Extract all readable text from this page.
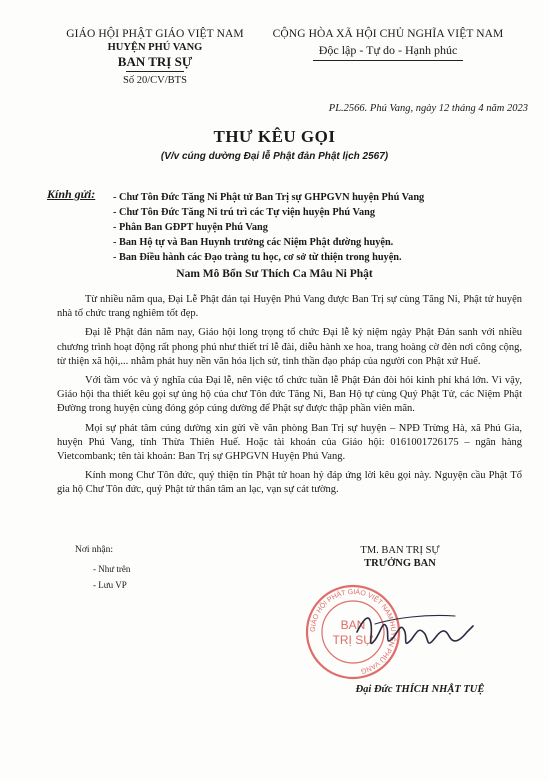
GIÁO HỘI PHẬT GIÁO VIỆT NAM
HUYỆN PHÚ VANG
BAN TRỊ SỰ
Số 20/CV/BTS
CỘNG HÒA XÃ HỘI CHỦ NGHĨA VIỆT NAM
Độc lập - Tự do - Hạnh phúc
PL.2566. Phú Vang, ngày 12 tháng 4 năm 2023
THƯ KÊU GỌI
(V/v cúng dường Đại lễ Phật đản Phật lịch 2567)
Kính gửi: - Chư Tôn Đức Tăng Ni Phật tử Ban Trị sự GHPGVN huyện Phú Vang
- Chư Tôn Đức Tăng Ni trú trì các Tự viện huyện Phú Vang
- Phân Ban GĐPT huyện Phú Vang
- Ban Hộ tự và Ban Huynh trưởng các Niệm Phật đường huyện.
- Ban Điều hành các Đạo tràng tu học, cơ sở từ thiện trong huyện.
Nam Mô Bổn Sư Thích Ca Mâu Ni Phật

Từ nhiều năm qua, Đại Lễ Phật đản tại Huyện Phú Vang được Ban Trị sự cùng Tăng Ni, Phật tử huyện nhà tổ chức trang nghiêm tốt đẹp.

Đại lễ Phật đản năm nay, Giáo hội long trọng tổ chức Đại lễ kỷ niệm ngày Phật Đản sanh với nhiều chương trình hoạt động rất phong phú như thiết trí lễ đài, diễu hành xe hoa, trang hoàng cờ đèn nơi công cộng, từ thiện xã hội,... nhằm phát huy nền văn hóa lịch sử, tinh thần đạo pháp của người con Phật xứ Huế.

Với tầm vóc và ý nghĩa của Đại lễ, nên việc tổ chức tuần lễ Phật Đản đòi hỏi kinh phí khá lớn. Vì vậy, Giáo hội tha thiết kêu gọi sự ủng hộ của chư Tôn đức Tăng Ni, Ban Hộ tự cùng Quý Phật Tử, các Niệm Phật Đường trong huyện cùng đóng góp cúng dường để Phật sự được thập phần viên mãn.

Mọi sự phát tâm cúng dường xin gửi về văn phòng Ban Trị sự huyện – NPĐ Trừng Hà, xã Phú Gia, huyện Phú Vang, tỉnh Thừa Thiên Huế. Hoặc tài khoản của Giáo hội: 0161001726175 – ngân hàng Vietcombank; tên tài khoản: Ban Trị sự GHPGVN Huyện Phú Vang.

Kính mong Chư Tôn đức, quý thiện tín Phật tử hoan hỷ đáp ứng lời kêu gọi này. Nguyện cầu Phật Tổ gia hộ Chư Tôn đức, quý Phật tử thân tâm an lạc, vạn sự cát tường.

Nơi nhận:
- Như trên
- Lưu VP
TM. BAN TRỊ SỰ
TRƯỞNG BAN
GIÁO HỘI PHẬT GIÁO VIỆT NAM HUYỆN PHÚ VANG
BAN
TRỊ SỰ
Đại Đức THÍCH NHẬT TUỆ
